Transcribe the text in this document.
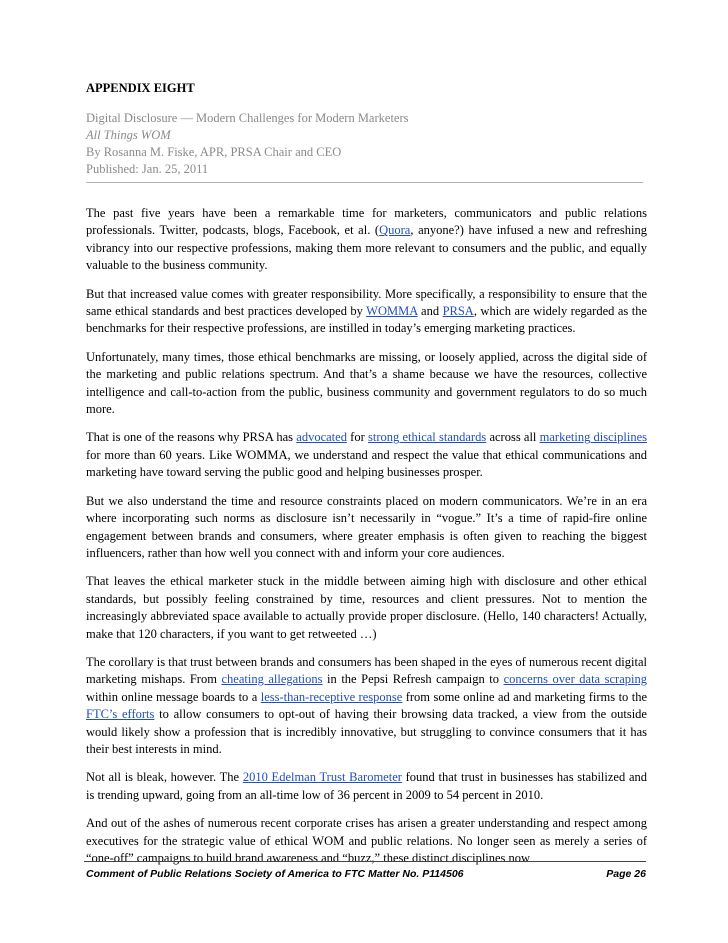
APPENDIX EIGHT
Digital Disclosure — Modern Challenges for Modern Marketers
All Things WOM
By Rosanna M. Fiske, APR, PRSA Chair and CEO
Published: Jan. 25, 2011

The past five years have been a remarkable time for marketers, communicators and public relations professionals. Twitter, podcasts, blogs, Facebook, et al. (Quora, anyone?) have infused a new and refreshing vibrancy into our respective professions, making them more relevant to consumers and the public, and equally valuable to the business community.

But that increased value comes with greater responsibility. More specifically, a responsibility to ensure that the same ethical standards and best practices developed by WOMMA and PRSA, which are widely regarded as the benchmarks for their respective professions, are instilled in today’s emerging marketing practices.

Unfortunately, many times, those ethical benchmarks are missing, or loosely applied, across the digital side of the marketing and public relations spectrum. And that’s a shame because we have the resources, collective intelligence and call-to-action from the public, business community and government regulators to do so much more.

That is one of the reasons why PRSA has advocated for strong ethical standards across all marketing disciplines for more than 60 years. Like WOMMA, we understand and respect the value that ethical communications and marketing have toward serving the public good and helping businesses prosper.

But we also understand the time and resource constraints placed on modern communicators. We’re in an era where incorporating such norms as disclosure isn’t necessarily in “vogue.” It’s a time of rapid-fire online engagement between brands and consumers, where greater emphasis is often given to reaching the biggest influencers, rather than how well you connect with and inform your core audiences.

That leaves the ethical marketer stuck in the middle between aiming high with disclosure and other ethical standards, but possibly feeling constrained by time, resources and client pressures. Not to mention the increasingly abbreviated space available to actually provide proper disclosure. (Hello, 140 characters! Actually, make that 120 characters, if you want to get retweeted …)

The corollary is that trust between brands and consumers has been shaped in the eyes of numerous recent digital marketing mishaps. From cheating allegations in the Pepsi Refresh campaign to concerns over data scraping within online message boards to a less-than-receptive response from some online ad and marketing firms to the FTC’s efforts to allow consumers to opt-out of having their browsing data tracked, a view from the outside would likely show a profession that is incredibly innovative, but struggling to convince consumers that it has their best interests in mind.

Not all is bleak, however. The 2010 Edelman Trust Barometer found that trust in businesses has stabilized and is trending upward, going from an all-time low of 36 percent in 2009 to 54 percent in 2010.

And out of the ashes of numerous recent corporate crises has arisen a greater understanding and respect among executives for the strategic value of ethical WOM and public relations. No longer seen as merely a series of “one-off” campaigns to build brand awareness and “buzz,” these distinct disciplines now

Comment of Public Relations Society of America to FTC Matter No. P114506	Page 26
